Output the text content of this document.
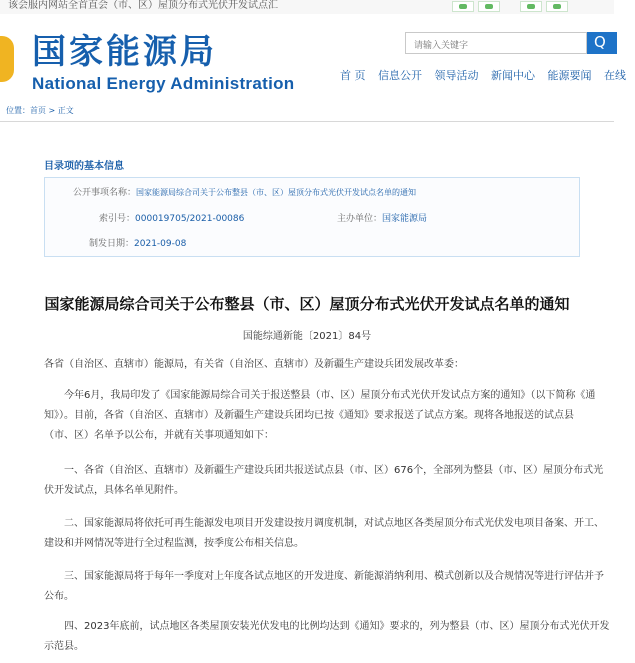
该会服内网站全首直会（市、区）屋顶分布式光伏开发试点汇
国家能源局
National Energy Administration
请输入关键字
Q
首 页 信息公开 领导活动 新闻中心 能源要闻 在线
位置：首页 > 正文
目录项的基本信息
公开事项名称：国家能源局综合司关于公布整县（市、区）屋顶分布式光伏开发试点名单的通知
索引号：000019705/2021-00086	主办单位：国家能源局
制发日期：2021-09-08
国家能源局综合司关于公布整县（市、区）屋顶分布式光伏开发试点名单的通知
国能综通新能〔2021〕84号

各省（自治区、直辖市）能源局，有关省（自治区、直辖市）及新疆生产建设兵团发展改革委：

今年6月，我局印发了《国家能源局综合司关于报送整县（市、区）屋顶分布式光伏开发试点方案的通知》（以下简称《通

知》）。目前，各省（自治区、直辖市）及新疆生产建设兵团均已按《通知》要求报送了试点方案。现将各地报送的试点县

（市、区）名单予以公布，并就有关事项通知如下：

一、各省（自治区、直辖市）及新疆生产建设兵团共报送试点县（市、区）676个，全部列为整县（市、区）屋顶分布式光

伏开发试点，具体名单见附件。

二、国家能源局将依托可再生能源发电项目开发建设按月调度机制，对试点地区各类屋顶分布式光伏发电项目备案、开工、

建设和并网情况等进行全过程监测，按季度公布相关信息。

三、国家能源局将于每年一季度对上年度各试点地区的开发进度、新能源消纳利用、模式创新以及合规情况等进行评估并予

公布。

四、2023年底前，试点地区各类屋顶安装光伏发电的比例均达到《通知》要求的，列为整县（市、区）屋顶分布式光伏开发

示范县。
